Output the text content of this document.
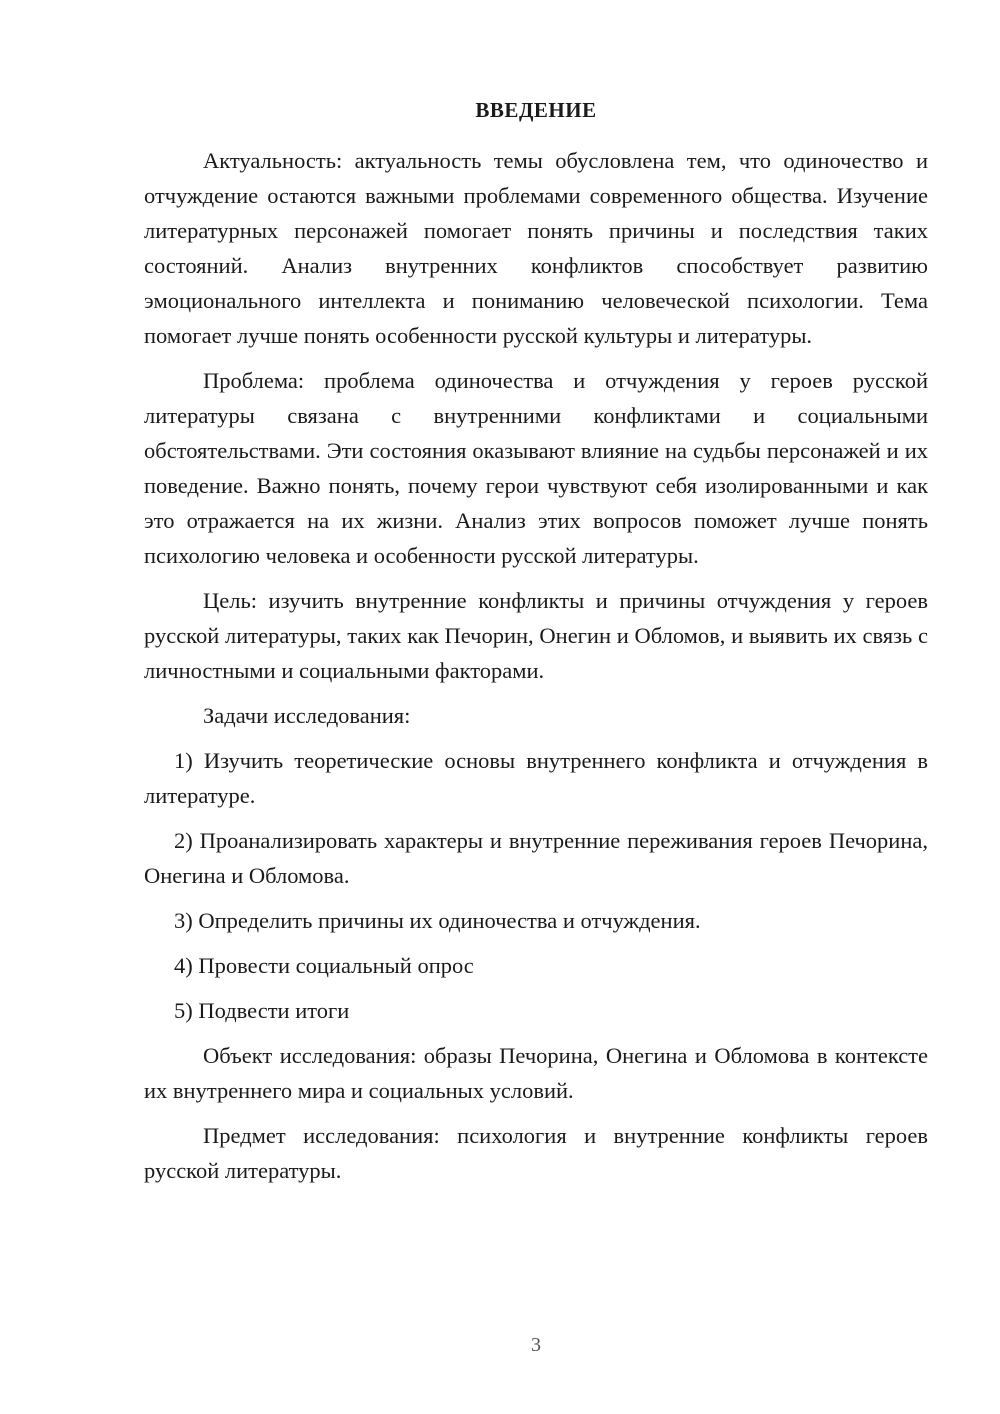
ВВЕДЕНИЕ

Актуальность: актуальность темы обусловлена тем, что одиночество и отчуждение остаются важными проблемами современного общества. Изучение литературных персонажей помогает понять причины и последствия таких состояний. Анализ внутренних конфликтов способствует развитию эмоционального интеллекта и пониманию человеческой психологии. Тема помогает лучше понять особенности русской культуры и литературы.

Проблема: проблема одиночества и отчуждения у героев русской литературы связана с внутренними конфликтами и социальными обстоятельствами. Эти состояния оказывают влияние на судьбы персонажей и их поведение. Важно понять, почему герои чувствуют себя изолированными и как это отражается на их жизни. Анализ этих вопросов поможет лучше понять психологию человека и особенности русской литературы.

Цель: изучить внутренние конфликты и причины отчуждения у героев русской литературы, таких как Печорин, Онегин и Обломов, и выявить их связь с личностными и социальными факторами.

Задачи исследования:

1) Изучить теоретические основы внутреннего конфликта и отчуждения в литературе.

2) Проанализировать характеры и внутренние переживания героев Печорина, Онегина и Обломова.

3) Определить причины их одиночества и отчуждения.

4) Провести социальный опрос

5) Подвести итоги

Объект исследования: образы Печорина, Онегина и Обломова в контексте их внутреннего мира и социальных условий.

Предмет исследования: психология и внутренние конфликты героев русской литературы.

3
